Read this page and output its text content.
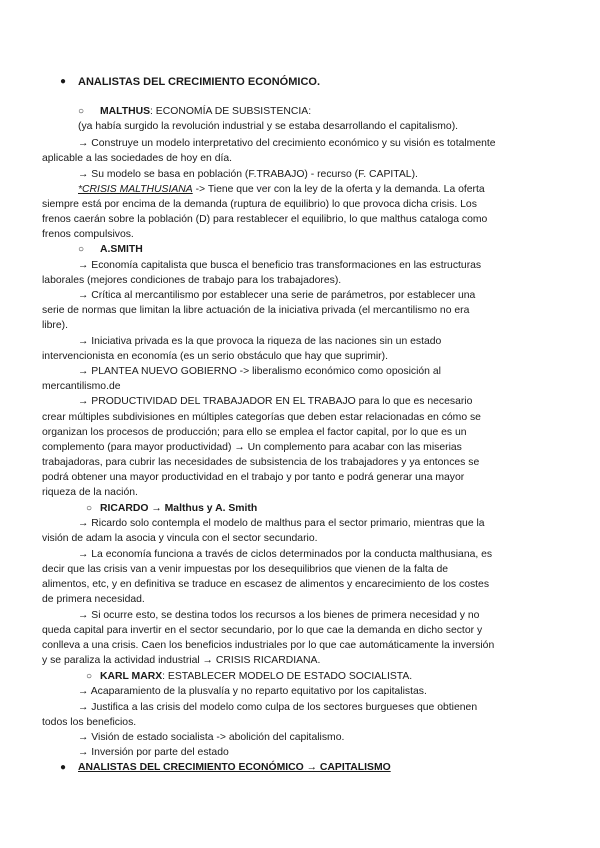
● ANALISTAS DEL CRECIMIENTO ECONÓMICO.
○ MALTHUS: ECONOMÍA DE SUBSISTENCIA:
(ya había surgido la revolución industrial y se estaba desarrollando el capitalismo).
→ Construye un modelo interpretativo del crecimiento económico y su visión es totalmente
aplicable a las sociedades de hoy en día.
→ Su modelo se basa en población (F.TRABAJO) - recurso (F. CAPITAL).
*CRISIS MALTHUSIANA -> Tiene que ver con la ley de la oferta y la demanda. La oferta
siempre está por encima de la demanda (ruptura de equilibrio) lo que provoca dicha crisis. Los
frenos caerán sobre la población (D) para restablecer el equilibrio, lo que malthus cataloga como
frenos compulsivos.
○ A.SMITH
→ Economía capitalista que busca el beneficio tras transformaciones en las estructuras
laborales (mejores condiciones de trabajo para los trabajadores).
→ Crítica al mercantilismo por establecer una serie de parámetros, por establecer una
serie de normas que limitan la libre actuación de la iniciativa privada (el mercantilismo no era
libre).
→ Iniciativa privada es la que provoca la riqueza de las naciones sin un estado
intervencionista en economía (es un serio obstáculo que hay que suprimir).
→ PLANTEA NUEVO GOBIERNO -> liberalismo económico como oposición al
mercantilismo.de
→ PRODUCTIVIDAD DEL TRABAJADOR EN EL TRABAJO para lo que es necesario
crear múltiples subdivisiones en múltiples categorías que deben estar relacionadas en cómo se
organizan los procesos de producción; para ello se emplea el factor capital, por lo que es un
complemento (para mayor productividad) → Un complemento para acabar con las miserias
trabajadoras, para cubrir las necesidades de subsistencia de los trabajadores y ya entonces se
podrá obtener una mayor productividad en el trabajo y por tanto e podrá generar una mayor
riqueza de la nación.
○ RICARDO → Malthus y A. Smith
→ Ricardo solo contempla el modelo de malthus para el sector primario, mientras que la
visión de adam la asocia y vincula con el sector secundario.
→ La economía funciona a través de ciclos determinados por la conducta malthusiana, es
decir que las crisis van a venir impuestas por los desequilibrios que vienen de la falta de
alimentos, etc, y en definitiva se traduce en escasez de alimentos y encarecimiento de los costes
de primera necesidad.
→ Si ocurre esto, se destina todos los recursos a los bienes de primera necesidad y no
queda capital para invertir en el sector secundario, por lo que cae la demanda en dicho sector y
conlleva a una crisis. Caen los beneficios industriales por lo que cae automáticamente la inversión
y se paraliza la actividad industrial → CRISIS RICARDIANA.
○ KARL MARX: ESTABLECER MODELO DE ESTADO SOCIALISTA.
→ Acaparamiento de la plusvalía y no reparto equitativo por los capitalistas.
→ Justifica a las crisis del modelo como culpa de los sectores burgueses que obtienen
todos los beneficios.
→ Visión de estado socialista -> abolición del capitalismo.
→ Inversión por parte del estado
● ANALISTAS DEL CRECIMIENTO ECONÓMICO → CAPITALISMO
